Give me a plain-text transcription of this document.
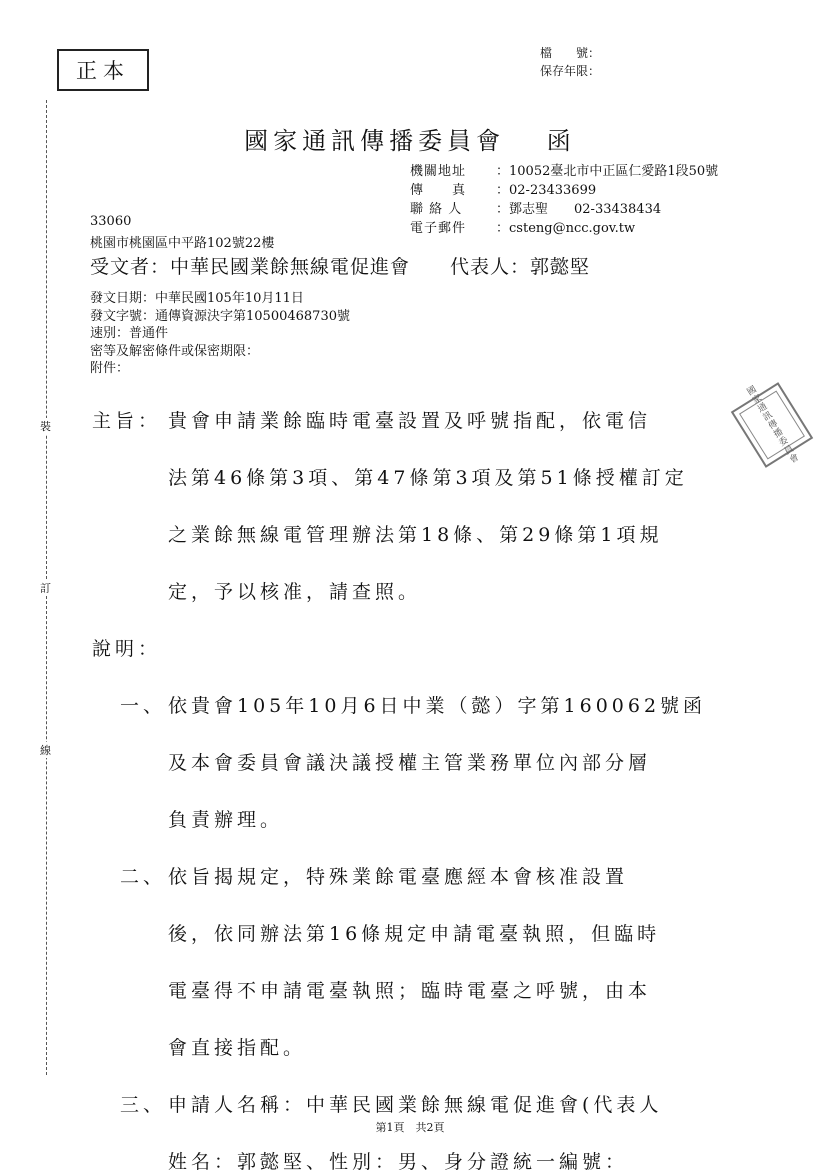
正本
檔　　號：
保存年限：
裝
訂
線
國家通訊傳播委員會　 函
機關地址 ：10052臺北市中正區仁愛路1段50號
傳　　真 ：02-23433699
聯 絡 人	：鄧志聖　　02-33438434
電子郵件 ：csteng@ncc.gov.tw
33060
桃園市桃園區中平路102號22樓
受文者：中華民國業餘無線電促進會 代表人：郭懿堅
發文日期：中華民國105年10月11日
發文字號：通傳資源決字第10500468730號
速別：普通件
密等及解密條件或保密期限：
附件：
國家通訊傳播委員會
第1頁　共2頁
主旨： 貴會申請業餘臨時電臺設置及呼號指配，依電信
法第46條第3項、第47條第3項及第51條授權訂定
之業餘無線電管理辦法第18條、第29條第1項規
定，予以核准，請查照。
說明：
一、 依貴會105年10月6日中業（懿）字第160062號函
及本會委員會議決議授權主管業務單位內部分層
負責辦理。
二、 依旨揭規定，特殊業餘電臺應經本會核准設置
後，依同辦法第16條規定申請電臺執照，但臨時
電臺得不申請電臺執照；臨時電臺之呼號，由本
會直接指配。
三、 申請人名稱：中華民國業餘無線電促進會(代表人
姓名：郭懿堅、性別：男、身分證統一編號：
